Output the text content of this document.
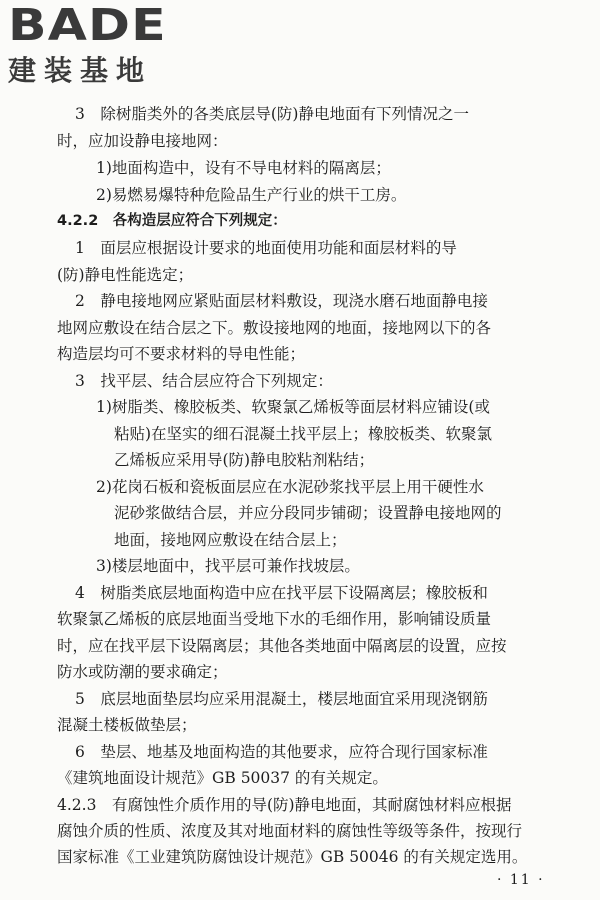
BADE
建装基地
3　除树脂类外的各类底层导(防)静电地面有下列情况之一
时，应加设静电接地网：
1)地面构造中，设有不导电材料的隔离层；
2)易燃易爆特种危险品生产行业的烘干工房。
4.2.2　各构造层应符合下列规定：
1　面层应根据设计要求的地面使用功能和面层材料的导
(防)静电性能选定；
2　静电接地网应紧贴面层材料敷设，现浇水磨石地面静电接
地网应敷设在结合层之下。敷设接地网的地面，接地网以下的各
构造层均可不要求材料的导电性能；
3　找平层、结合层应符合下列规定：
1)树脂类、橡胶板类、软聚氯乙烯板等面层材料应铺设(或
粘贴)在坚实的细石混凝土找平层上；橡胶板类、软聚氯
乙烯板应采用导(防)静电胶粘剂粘结；
2)花岗石板和瓷板面层应在水泥砂浆找平层上用干硬性水
泥砂浆做结合层，并应分段同步铺砌；设置静电接地网的
地面，接地网应敷设在结合层上；
3)楼层地面中，找平层可兼作找坡层。
4　树脂类底层地面构造中应在找平层下设隔离层；橡胶板和
软聚氯乙烯板的底层地面当受地下水的毛细作用，影响铺设质量
时，应在找平层下设隔离层；其他各类地面中隔离层的设置，应按
防水或防潮的要求确定；
5　底层地面垫层均应采用混凝土，楼层地面宜采用现浇钢筋
混凝土楼板做垫层；
6　垫层、地基及地面构造的其他要求，应符合现行国家标准
《建筑地面设计规范》GB 50037 的有关规定。
4.2.3　有腐蚀性介质作用的导(防)静电地面，其耐腐蚀材料应根据
腐蚀介质的性质、浓度及其对地面材料的腐蚀性等级等条件，按现行
国家标准《工业建筑防腐蚀设计规范》GB 50046 的有关规定选用。
· 11 ·
